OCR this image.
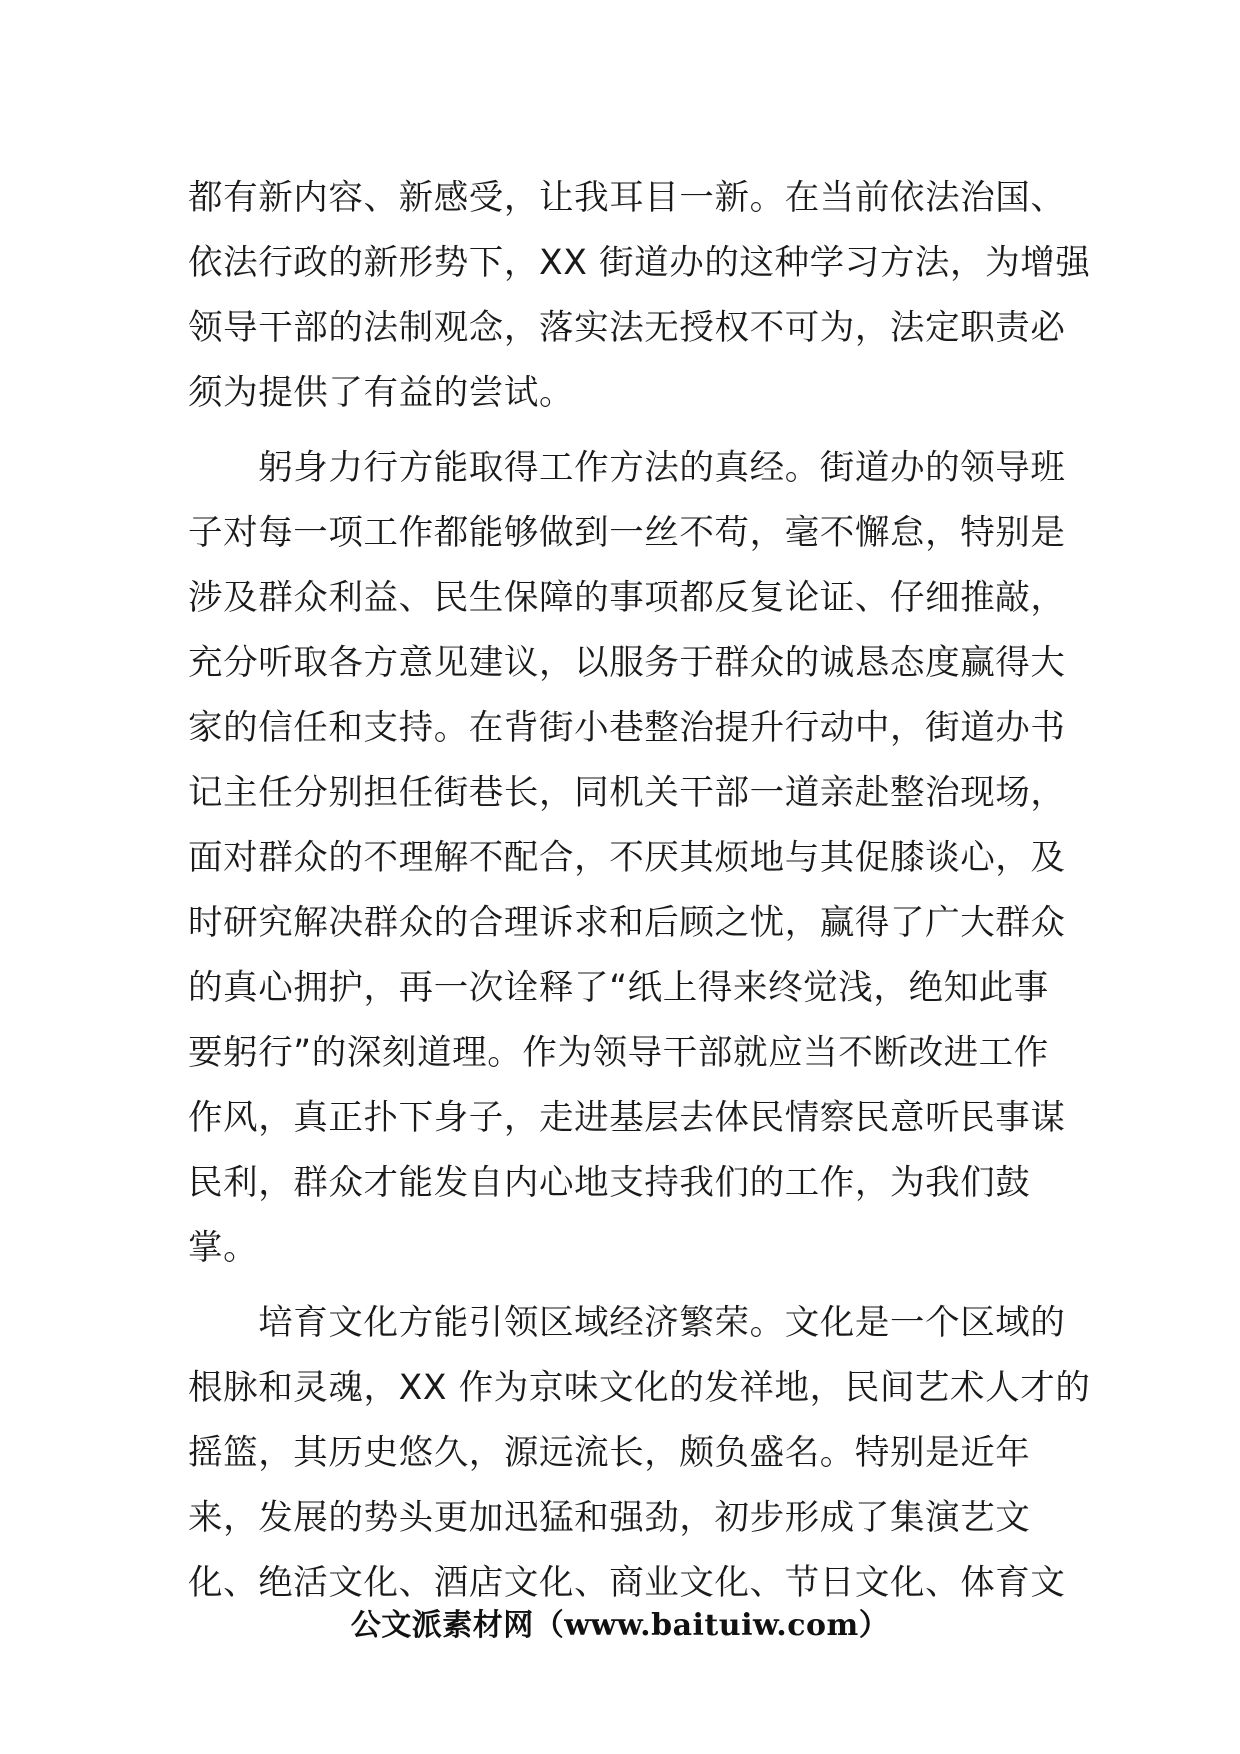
都有新内容、新感受，让我耳目一新。在当前依法治国、
依法行政的新形势下，XX 街道办的这种学习方法，为增强
领导干部的法制观念，落实法无授权不可为，法定职责必
须为提供了有益的尝试。
　　躬身力行方能取得工作方法的真经。街道办的领导班
子对每一项工作都能够做到一丝不苟，毫不懈怠，特别是
涉及群众利益、民生保障的事项都反复论证、仔细推敲，
充分听取各方意见建议，以服务于群众的诚恳态度赢得大
家的信任和支持。在背街小巷整治提升行动中，街道办书
记主任分别担任街巷长，同机关干部一道亲赴整治现场，
面对群众的不理解不配合，不厌其烦地与其促膝谈心，及
时研究解决群众的合理诉求和后顾之忧，赢得了广大群众
的真心拥护，再一次诠释了“纸上得来终觉浅，绝知此事
要躬行”的深刻道理。作为领导干部就应当不断改进工作
作风，真正扑下身子，走进基层去体民情察民意听民事谋
民利，群众才能发自内心地支持我们的工作，为我们鼓
掌。
　　培育文化方能引领区域经济繁荣。文化是一个区域的
根脉和灵魂，XX 作为京味文化的发祥地，民间艺术人才的
摇篮，其历史悠久，源远流长，颇负盛名。特别是近年
来，发展的势头更加迅猛和强劲，初步形成了集演艺文
化、绝活文化、酒店文化、商业文化、节日文化、体育文
公文派素材网（www.baituiw.com）
